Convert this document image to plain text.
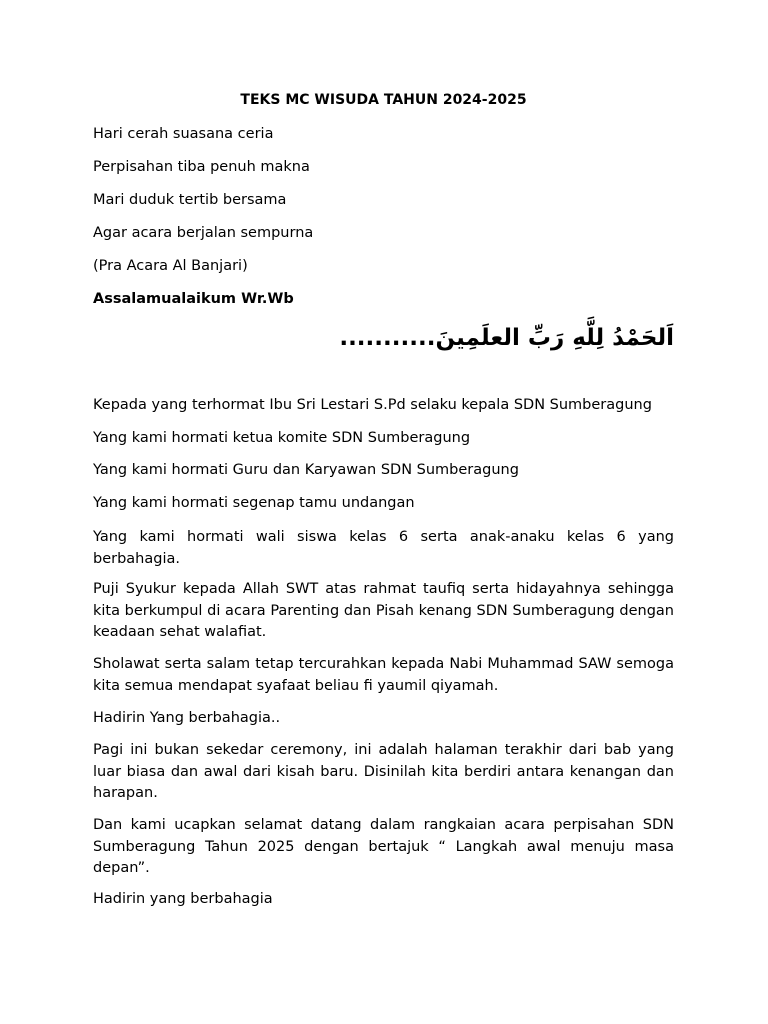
TEKS MC WISUDA TAHUN 2024-2025
Hari cerah suasana ceria
Perpisahan tiba penuh makna
Mari duduk tertib bersama
Agar acara berjalan sempurna
(Pra Acara Al Banjari)
Assalamualaikum Wr.Wb
اَلحَمْدُ لِلَّهِ رَبِّ العلَمِينَ...........
Kepada yang terhormat Ibu Sri Lestari S.Pd selaku kepala SDN Sumberagung
Yang kami hormati ketua komite SDN Sumberagung
Yang kami hormati Guru dan Karyawan SDN Sumberagung
Yang kami hormati segenap tamu undangan
Yang kami hormati wali siswa kelas 6 serta anak-anaku kelas 6 yang berbahagia.
Puji Syukur kepada Allah SWT atas rahmat taufiq serta hidayahnya sehingga kita berkumpul di acara Parenting dan Pisah kenang SDN Sumberagung dengan keadaan sehat walafiat.
Sholawat serta salam tetap tercurahkan kepada Nabi Muhammad SAW semoga kita semua mendapat syafaat beliau fi yaumil qiyamah.
Hadirin Yang berbahagia..
Pagi ini bukan sekedar ceremony, ini adalah halaman terakhir dari bab yang luar biasa dan awal dari kisah baru. Disinilah kita berdiri antara kenangan dan harapan.
Dan kami ucapkan selamat datang dalam rangkaian acara perpisahan SDN Sumberagung Tahun 2025 dengan bertajuk “ Langkah awal menuju masa depan”.
Hadirin yang berbahagia
